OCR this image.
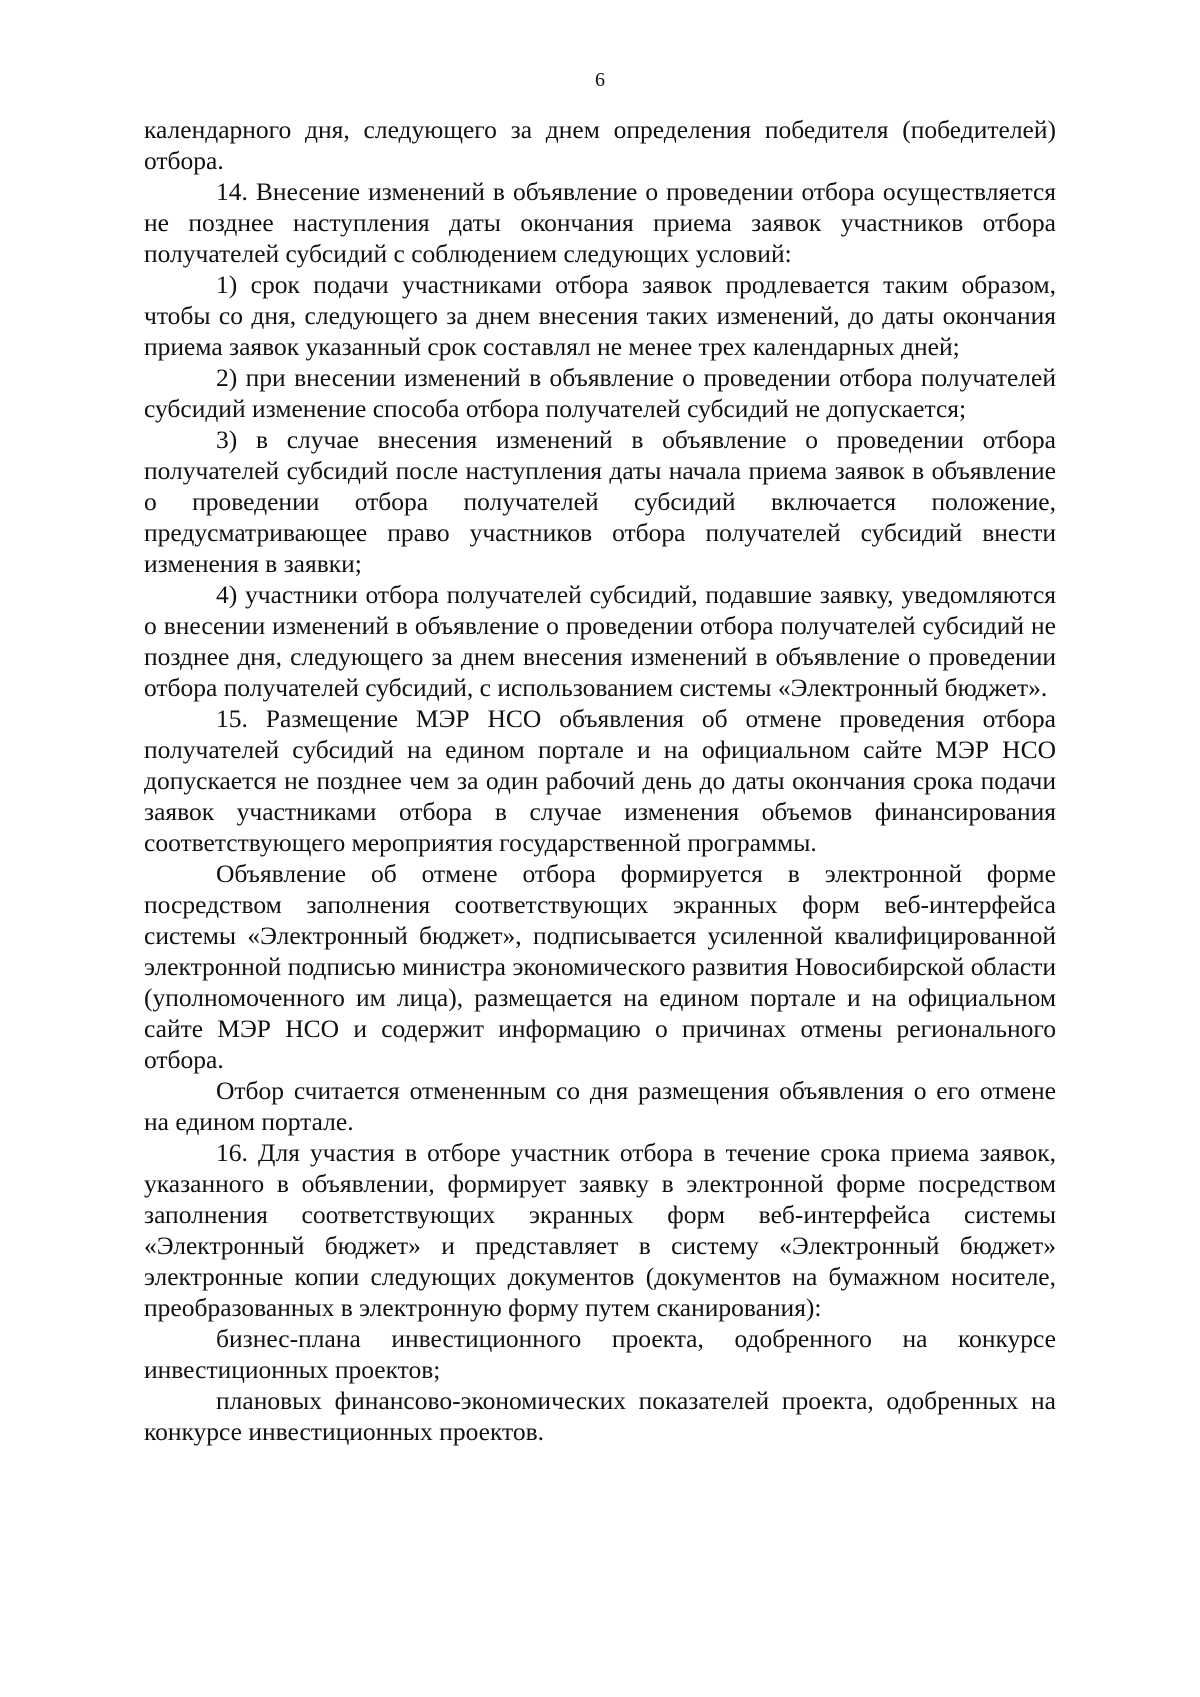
6

календарного дня, следующего за днем определения победителя (победителей) отбора.

14. Внесение изменений в объявление о проведении отбора осуществляется не позднее наступления даты окончания приема заявок участников отбора получателей субсидий с соблюдением следующих условий:

1) срок подачи участниками отбора заявок продлевается таким образом, чтобы со дня, следующего за днем внесения таких изменений, до даты окончания приема заявок указанный срок составлял не менее трех календарных дней;

2) при внесении изменений в объявление о проведении отбора получателей субсидий изменение способа отбора получателей субсидий не допускается;

3) в случае внесения изменений в объявление о проведении отбора получателей субсидий после наступления даты начала приема заявок в объявление о проведении отбора получателей субсидий включается положение, предусматривающее право участников отбора получателей субсидий внести изменения в заявки;

4) участники отбора получателей субсидий, подавшие заявку, уведомляются о внесении изменений в объявление о проведении отбора получателей субсидий не позднее дня, следующего за днем внесения изменений в объявление о проведении отбора получателей субсидий, с использованием системы «Электронный бюджет».

15. Размещение МЭР НСО объявления об отмене проведения отбора получателей субсидий на едином портале и на официальном сайте МЭР НСО допускается не позднее чем за один рабочий день до даты окончания срока подачи заявок участниками отбора в случае изменения объемов финансирования соответствующего мероприятия государственной программы.

Объявление об отмене отбора формируется в электронной форме посредством заполнения соответствующих экранных форм веб-интерфейса системы «Электронный бюджет», подписывается усиленной квалифицированной электронной подписью министра экономического развития Новосибирской области (уполномоченного им лица), размещается на едином портале и на официальном сайте МЭР НСО и содержит информацию о причинах отмены регионального отбора.

Отбор считается отмененным со дня размещения объявления о его отмене на едином портале.

16. Для участия в отборе участник отбора в течение срока приема заявок, указанного в объявлении, формирует заявку в электронной форме посредством заполнения соответствующих экранных форм веб-интерфейса системы «Электронный бюджет» и представляет в систему «Электронный бюджет» электронные копии следующих документов (документов на бумажном носителе, преобразованных в электронную форму путем сканирования):

бизнес-плана инвестиционного проекта, одобренного на конкурсе инвестиционных проектов;

плановых финансово-экономических показателей проекта, одобренных на конкурсе инвестиционных проектов.
